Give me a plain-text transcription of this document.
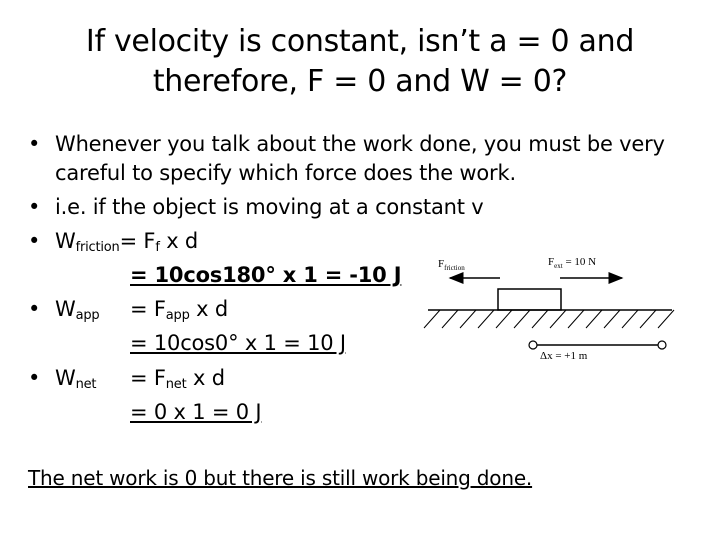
If velocity is constant, isn’t a = 0 and
therefore, F = 0 and W = 0?
• Whenever you talk about the work done, you must be very
careful to specify which force does the work.
• i.e. if the object is moving at a constant v
• $W_{friction}= F_f$ x d
= 10cos180° x 1 = -10 J
• $W_{app} = F_{app}$ x d
= 10cos0° x 1 = 10 J
• $W_{net} = F_{net}$ x d
= 0 x 1 = 0 J
$F_{friction}$	$F_{ext} = 10$ N
Δx = +1 m
The net work is 0 but there is still work being done.
